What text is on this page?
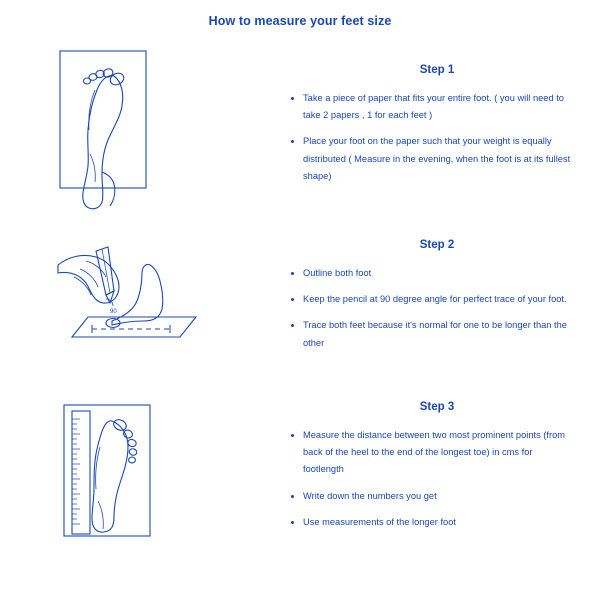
How to measure your feet size
Step 1
Take a piece of paper that fits your entire foot. ( you will need to take 2 papers , 1 for each feet )
Place your foot on the paper such that your weight is equally distributed ( Measure in the evening, when the foot is at its fullest shape)
90
Step 2
Outline both foot
Keep the pencil at 90 degree angle for perfect trace of your foot.
Trace both feet because it's normal for one to be longer than the other
Step 3
Measure the distance between two most prominent points (from back of the heel to the end of the longest toe) in cms for footlength
Write down the numbers you get
Use measurements of the longer foot
